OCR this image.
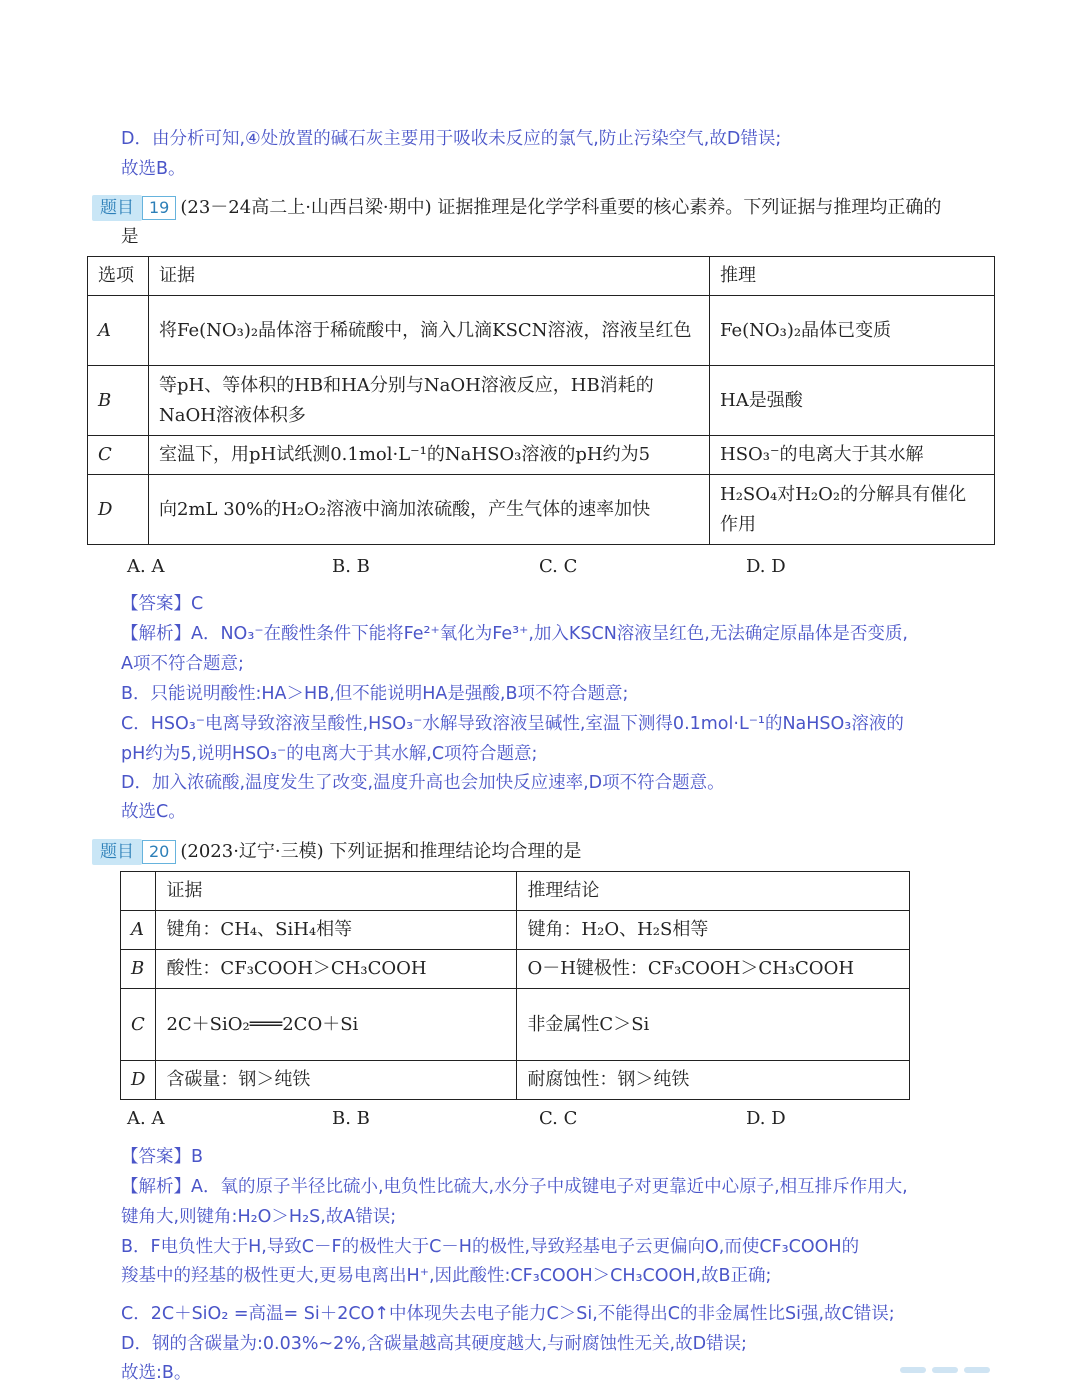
D．由分析可知,④处放置的碱石灰主要用于吸收未反应的氯气,防止污染空气,故D错误;
故选B。
题目 19 (23－24高二上·山西吕梁·期中) 证据推理是化学学科重要的核心素养。下列证据与推理均正确的
是
选项	证据	推理
A	将Fe(NO₃)₂晶体溶于稀硫酸中，滴入几滴KSCN溶液，溶液呈红色	Fe(NO₃)₂晶体已变质
B	等pH、等体积的HB和HA分别与NaOH溶液反应，HB消耗的NaOH溶液体积多	HA是强酸
C	室温下，用pH试纸测0.1mol·L⁻¹的NaHSO₃溶液的pH约为5	HSO₃⁻的电离大于其水解
D	向2mL 30%的H₂O₂溶液中滴加浓硫酸，产生气体的速率加快	H₂SO₄对H₂O₂的分解具有催化作用
A. A	B. B	C. C	D. D
【答案】C
【解析】A．NO₃⁻在酸性条件下能将Fe²⁺氧化为Fe³⁺,加入KSCN溶液呈红色,无法确定原晶体是否变质,
A项不符合题意;
B．只能说明酸性:HA＞HB,但不能说明HA是强酸,B项不符合题意;
C．HSO₃⁻电离导致溶液呈酸性,HSO₃⁻水解导致溶液呈碱性,室温下测得0.1mol·L⁻¹的NaHSO₃溶液的
pH约为5,说明HSO₃⁻的电离大于其水解,C项符合题意;
D．加入浓硫酸,温度发生了改变,温度升高也会加快反应速率,D项不符合题意。
故选C。
题目 20 (2023·辽宁·三模) 下列证据和推理结论均合理的是
	证据	推理结论
A	键角：CH₄、SiH₄相等	键角：H₂O、H₂S相等
B	酸性：CF₃COOH＞CH₃COOH	O－H键极性：CF₃COOH＞CH₃COOH
C	2C＋SiO₂═══2CO＋Si	非金属性C＞Si
D	含碳量：钢＞纯铁	耐腐蚀性：钢＞纯铁
A. A	B. B	C. C	D. D
【答案】B
【解析】A．氧的原子半径比硫小,电负性比硫大,水分子中成键电子对更靠近中心原子,相互排斥作用大,
键角大,则键角:H₂O＞H₂S,故A错误;
B．F电负性大于H,导致C－F的极性大于C－H的极性,导致羟基电子云更偏向O,而使CF₃COOH的
羧基中的羟基的极性更大,更易电离出H⁺,因此酸性:CF₃COOH＞CH₃COOH,故B正确;
C．2C＋SiO₂ =高温= Si＋2CO↑中体现失去电子能力C＞Si,不能得出C的非金属性比Si强,故C错误;
D．钢的含碳量为:0.03%~2%,含碳量越高其硬度越大,与耐腐蚀性无关,故D错误;
故选:B。
